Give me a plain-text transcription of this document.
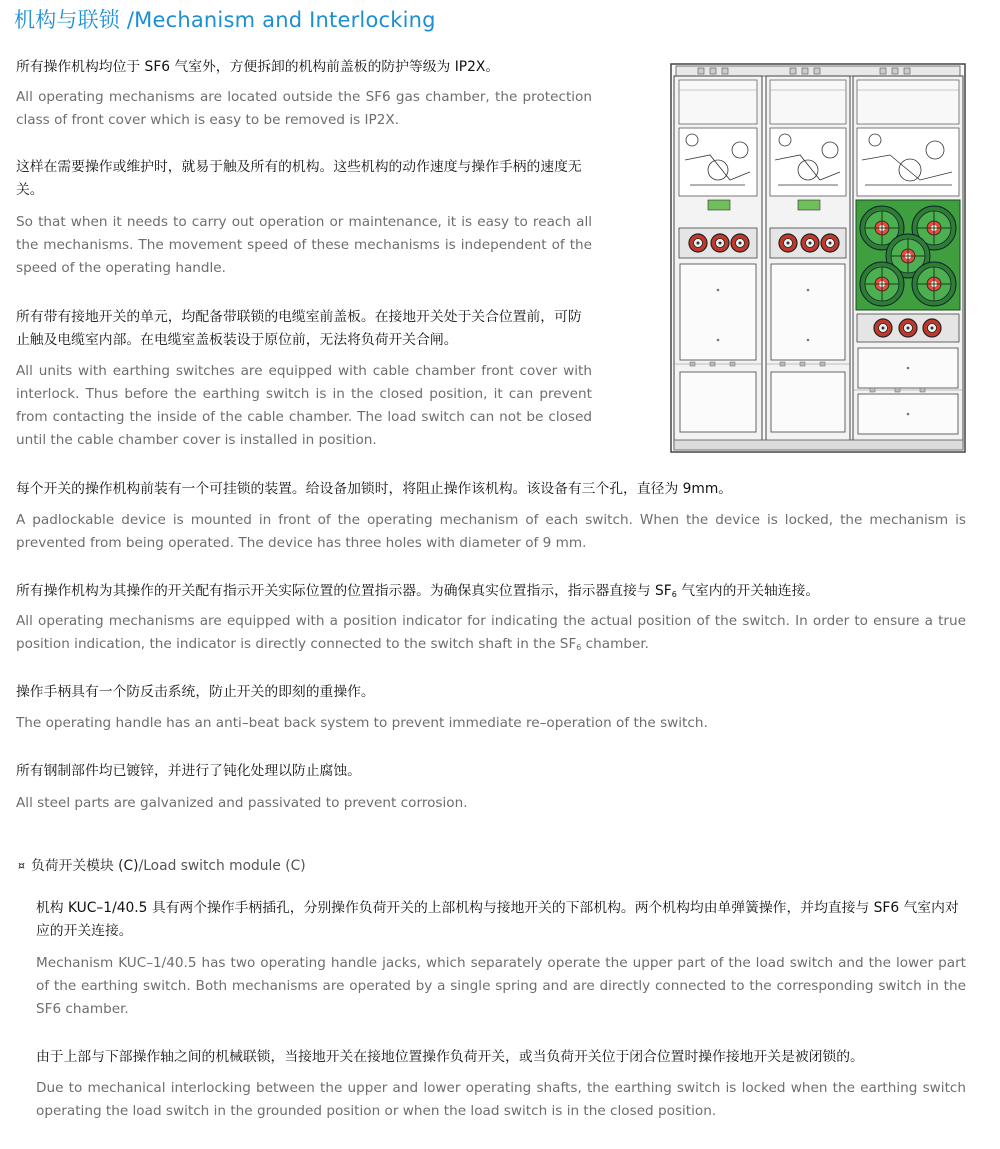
机构与联锁 /Mechanism and Interlocking
所有操作机构均位于 SF6 气室外，方便拆卸的机构前盖板的防护等级为 IP2X。
All operating mechanisms are located outside the SF6 gas chamber, the protection class of front cover which is easy to be removed is IP2X.
这样在需要操作或维护时，就易于触及所有的机构。这些机构的动作速度与操作手柄的速度无关。
So that when it needs to carry out operation or maintenance, it is easy to reach all the mechanisms. The movement speed of these mechanisms is independent of the speed of the operating handle.
所有带有接地开关的单元，均配备带联锁的电缆室前盖板。在接地开关处于关合位置前，可防止触及电缆室内部。在电缆室盖板装设于原位前，无法将负荷开关合闸。
All units with earthing switches are equipped with cable chamber front cover with interlock. Thus before the earthing switch is in the closed position, it can prevent from contacting the inside of the cable chamber. The load switch can not be closed until the cable chamber cover is installed in position.
每个开关的操作机构前装有一个可挂锁的装置。给设备加锁时，将阻止操作该机构。该设备有三个孔，直径为 9mm。
A padlockable device is mounted in front of the operating mechanism of each switch. When the device is locked, the mechanism is prevented from being operated. The device has three holes with diameter of 9 mm.
所有操作机构为其操作的开关配有指示开关实际位置的位置指示器。为确保真实位置指示，指示器直接与 $SF_6$ 气室内的开关轴连接。
All operating mechanisms are equipped with a position indicator for indicating the actual position of the switch. In order to ensure a true position indication, the indicator is directly connected to the switch shaft in the $SF_6$ chamber.
操作手柄具有一个防反击系统，防止开关的即刻的重操作。
The operating handle has an anti–beat back system to prevent immediate re–operation of the switch.
所有钢制部件均已镀锌，并进行了钝化处理以防止腐蚀。
All steel parts are galvanized and passivated to prevent corrosion.
¤ 负荷开关模块 (C)/Load switch module (C)
机构 KUC–1/40.5 具有两个操作手柄插孔，分别操作负荷开关的上部机构与接地开关的下部机构。两个机构均由单弹簧操作，并均直接与 SF6 气室内对应的开关连接。
Mechanism KUC–1/40.5 has two operating handle jacks, which separately operate the upper part of the load switch and the lower part of the earthing switch. Both mechanisms are operated by a single spring and are directly connected to the corresponding switch in the SF6 chamber.
由于上部与下部操作轴之间的机械联锁，当接地开关在接地位置操作负荷开关，或当负荷开关位于闭合位置时操作接地开关是被闭锁的。
Due to mechanical interlocking between the upper and lower operating shafts, the earthing switch is locked when the earthing switch operating the load switch in the grounded position or when the load switch is in the closed position.
